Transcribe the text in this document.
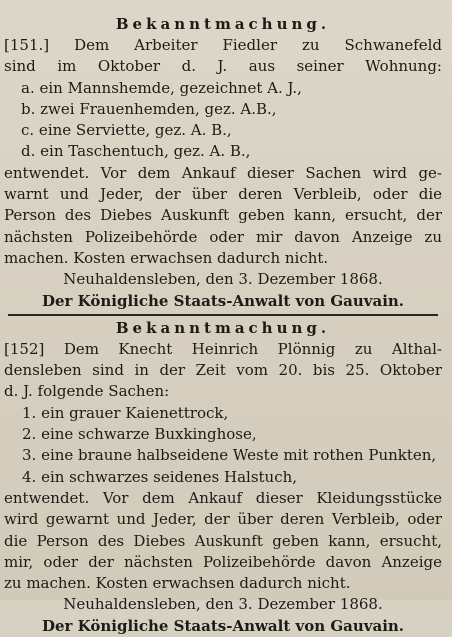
Bekanntmachung.
[151.] Dem Arbeiter Fiedler zu Schwanefeld
sind im Oktober d. J. aus seiner Wohnung:
a. ein Mannshemde, gezeichnet A. J.,
b. zwei Frauenhemden, gez. A.B.,
c. eine Serviette, gez. A. B.,
d. ein Taschentuch, gez. A. B.,
entwendet. Vor dem Ankauf dieser Sachen wird ge-
warnt und Jeder, der über deren Verbleib, oder die
Person des Diebes Auskunft geben kann, ersucht, der
nächsten Polizeibehörde oder mir davon Anzeige zu
machen. Kosten erwachsen dadurch nicht.
Neuhaldensleben, den 3. Dezember 1868.
Der Königliche Staats-Anwalt von Gauvain.
Bekanntmachung.
[152] Dem Knecht Heinrich Plönnig zu Althal-
densleben sind in der Zeit vom 20. bis 25. Oktober
d. J. folgende Sachen:
1. ein grauer Kaienettrock,
2. eine schwarze Buxkinghose,
3. eine braune halbseidene Weste mit rothen Punkten,
4. ein schwarzes seidenes Halstuch,
entwendet. Vor dem Ankauf dieser Kleidungsstücke
wird gewarnt und Jeder, der über deren Verbleib, oder
die Person des Diebes Auskunft geben kann, ersucht,
mir, oder der nächsten Polizeibehörde davon Anzeige
zu machen. Kosten erwachsen dadurch nicht.
Neuhaldensleben, den 3. Dezember 1868.
Der Königliche Staats-Anwalt von Gauvain.
